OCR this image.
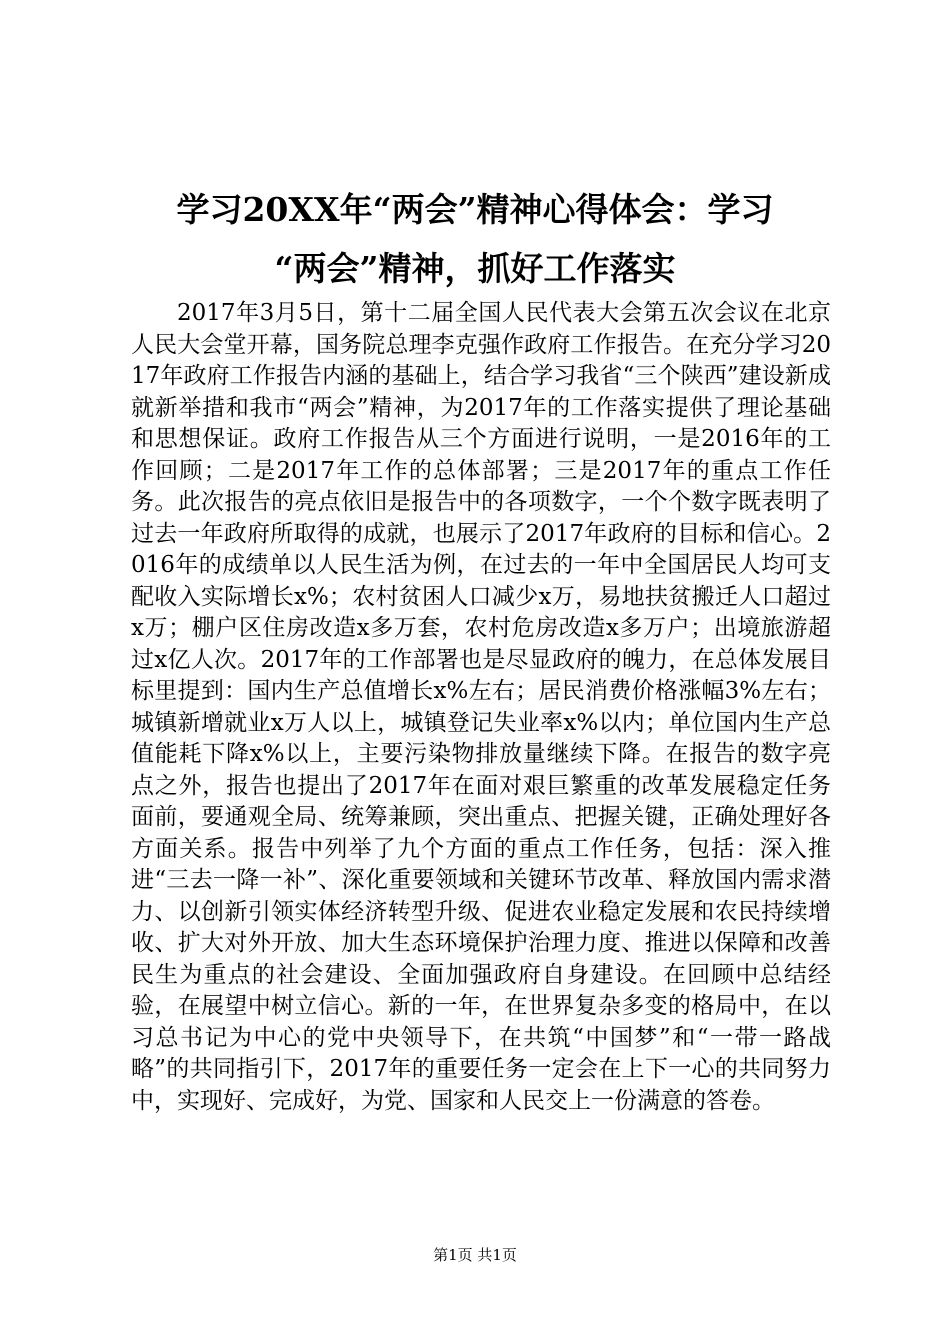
学习20XX年“两会”精神心得体会：学习
“两会”精神，抓好工作落实

2017年3月5日，第十二届全国人民代表大会第五次会议在北京人民大会堂开幕，国务院总理李克强作政府工作报告。在充分学习2017年政府工作报告内涵的基础上，结合学习我省“三个陕西”建设新成就新举措和我市“两会”精神，为2017年的工作落实提供了理论基础和思想保证。政府工作报告从三个方面进行说明，一是2016年的工作回顾；二是2017年工作的总体部署；三是2017年的重点工作任务。此次报告的亮点依旧是报告中的各项数字，一个个数字既表明了过去一年政府所取得的成就，也展示了2017年政府的目标和信心。2016年的成绩单以人民生活为例，在过去的一年中全国居民人均可支配收入实际增长x%；农村贫困人口减少x万，易地扶贫搬迁人口超过x万；棚户区住房改造x多万套，农村危房改造x多万户；出境旅游超过x亿人次。2017年的工作部署也是尽显政府的魄力，在总体发展目标里提到：国内生产总值增长x%左右；居民消费价格涨幅3%左右；城镇新增就业x万人以上，城镇登记失业率x%以内；单位国内生产总值能耗下降x%以上，主要污染物排放量继续下降。在报告的数字亮点之外，报告也提出了2017年在面对艰巨繁重的改革发展稳定任务面前，要通观全局、统筹兼顾，突出重点、把握关键，正确处理好各方面关系。报告中列举了九个方面的重点工作任务，包括：深入推进“三去一降一补”、深化重要领域和关键环节改革、释放国内需求潜力、以创新引领实体经济转型升级、促进农业稳定发展和农民持续增收、扩大对外开放、加大生态环境保护治理力度、推进以保障和改善民生为重点的社会建设、全面加强政府自身建设。在回顾中总结经验，在展望中树立信心。新的一年，在世界复杂多变的格局中，在以习总书记为中心的党中央领导下，在共筑“中国梦”和“一带一路战略”的共同指引下，2017年的重要任务一定会在上下一心的共同努力中，实现好、完成好，为党、国家和人民交上一份满意的答卷。

第1页 共1页
